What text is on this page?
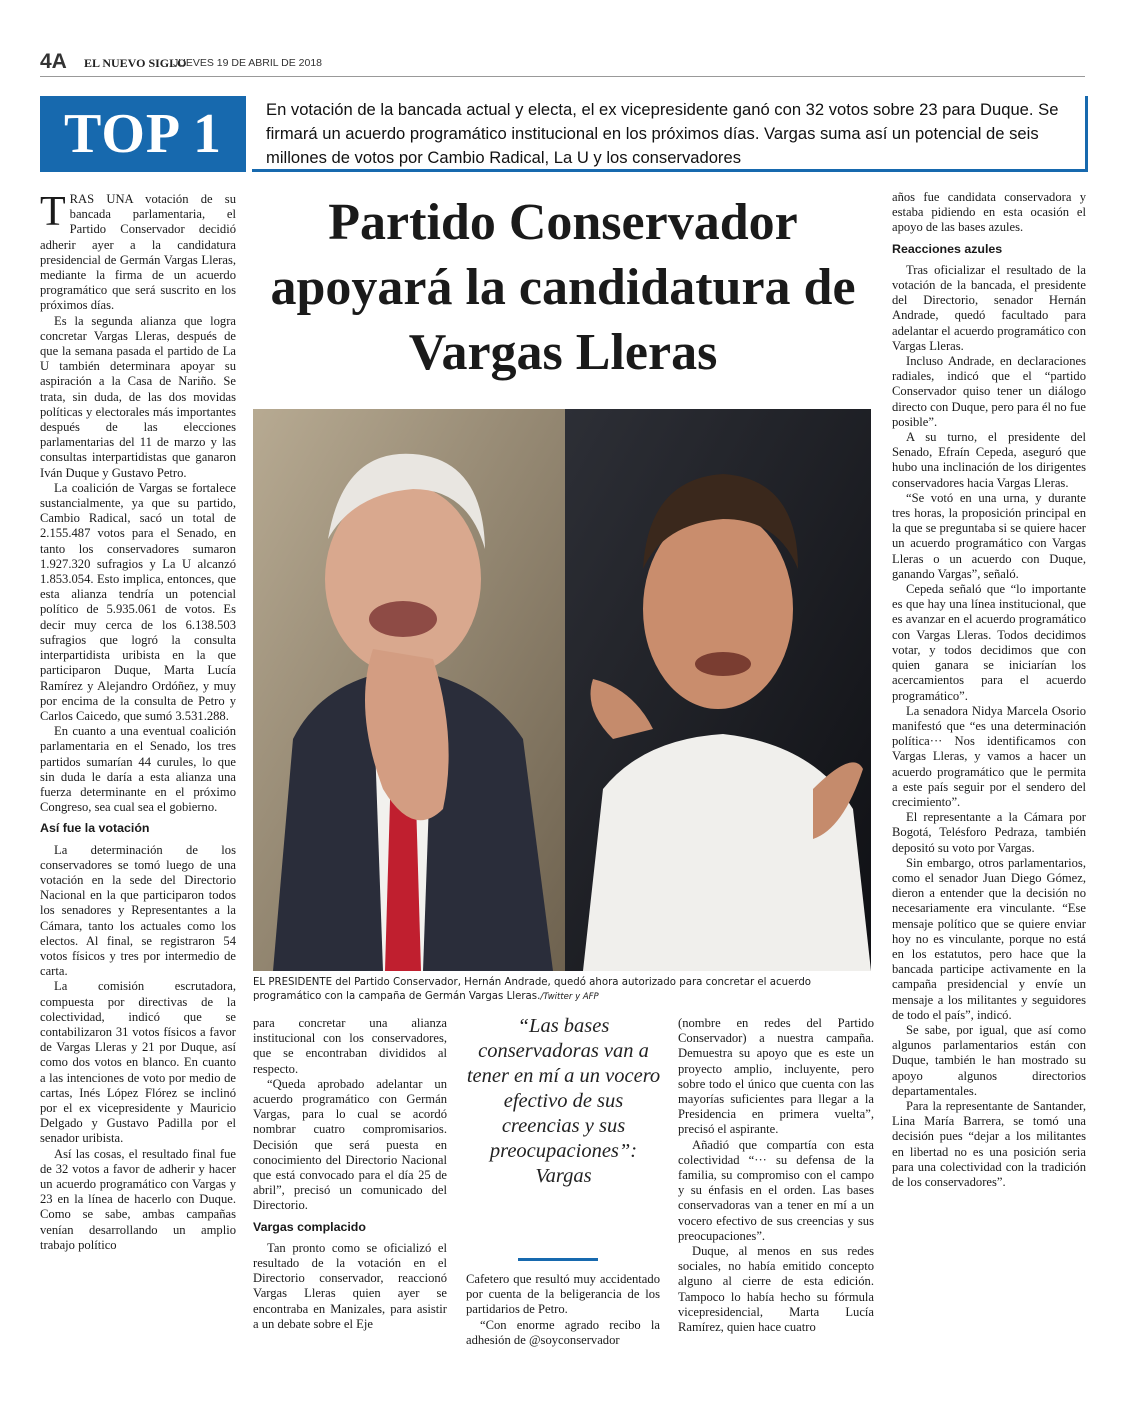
4A EL NUEVO SIGLO
JUEVES 19 DE ABRIL DE 2018
TOP 1	En votación de la bancada actual y electa, el ex vicepresidente ganó con 32 votos sobre 23 para Duque. Se firmará un acuerdo programático institucional en los próximos días. Vargas suma así un potencial de seis millones de votos por Cambio Radical, La U y los conservadores

TRAS UNA votación de su bancada parlamentaria, el Partido Conservador decidió adherir ayer a la candidatura presidencial de Germán Vargas Lleras, mediante la firma de un acuerdo programático que será suscrito en los próximos días.

Es la segunda alianza que logra concretar Vargas Lleras, después de que la semana pasada el partido de La U también determinara apoyar su aspiración a la Casa de Nariño. Se trata, sin duda, de las dos movidas políticas y electorales más importantes después de las elecciones parlamentarias del 11 de marzo y las consultas interpartidistas que ganaron Iván Duque y Gustavo Petro.

La coalición de Vargas se fortalece sustancialmente, ya que su partido, Cambio Radical, sacó un total de 2.155.487 votos para el Senado, en tanto los conservadores sumaron 1.927.320 sufragios y La U alcanzó 1.853.054. Esto implica, entonces, que esta alianza tendría un potencial político de 5.935.061 de votos. Es decir muy cerca de los 6.138.503 sufragios que logró la consulta interpartidista uribista en la que participaron Duque, Marta Lucía Ramírez y Alejandro Ordóñez, y muy por encima de la consulta de Petro y Carlos Caicedo, que sumó 3.531.288.

En cuanto a una eventual coalición parlamentaria en el Senado, los tres partidos sumarían 44 curules, lo que sin duda le daría a esta alianza una fuerza determinante en el próximo Congreso, sea cual sea el gobierno.

Así fue la votación

La determinación de los conservadores se tomó luego de una votación en la sede del Directorio Nacional en la que participaron todos los senadores y Representantes a la Cámara, tanto los actuales como los electos. Al final, se registraron 54 votos físicos y tres por intermedio de carta.

La comisión escrutadora, compuesta por directivas de la colectividad, indicó que se contabilizaron 31 votos físicos a favor de Vargas Lleras y 21 por Duque, así como dos votos en blanco. En cuanto a las intenciones de voto por medio de cartas, Inés López Flórez se inclinó por el ex vicepresidente y Mauricio Delgado y Gustavo Padilla por el senador uribista.

Así las cosas, el resultado final fue de 32 votos a favor de adherir y hacer un acuerdo programático con Vargas y 23 en la línea de hacerlo con Duque. Como se sabe, ambas campañas venían desarrollando un amplio trabajo político

Partido Conservador apoyará la candidatura de Vargas Lleras
EL PRESIDENTE del Partido Conservador, Hernán Andrade, quedó ahora autorizado para concretar el acuerdo programático con la campaña de Germán Vargas Lleras./Twitter y AFP

para concretar una alianza institucional con los conservadores, que se encontraban divididos al respecto.

“Queda aprobado adelantar un acuerdo programático con Germán Vargas, para lo cual se acordó nombrar cuatro compromisarios. Decisión que será puesta en conocimiento del Directorio Nacional que está convocado para el día 25 de abril”, precisó un comunicado del Directorio.

Vargas complacido

Tan pronto como se oficializó el resultado de la votación en el Directorio conservador, reaccionó Vargas Lleras quien ayer se encontraba en Manizales, para asistir a un debate sobre el Eje

“Las bases conservadoras van a tener en mí a un vocero efectivo de sus creencias y sus preocupaciones”: Vargas

Cafetero que resultó muy accidentado por cuenta de la beligerancia de los partidarios de Petro.

“Con enorme agrado recibo la adhesión de @soyconservador

(nombre en redes del Partido Conservador) a nuestra campaña. Demuestra su apoyo que es este un proyecto amplio, incluyente, pero sobre todo el único que cuenta con las mayorías suficientes para llegar a la Presidencia en primera vuelta”, precisó el aspirante.

Añadió que compartía con esta colectividad “··· su defensa de la familia, su compromiso con el campo y su énfasis en el orden. Las bases conservadoras van a tener en mí a un vocero efectivo de sus creencias y sus preocupaciones”.

Duque, al menos en sus redes sociales, no había emitido concepto alguno al cierre de esta edición. Tampoco lo había hecho su fórmula vicepresidencial, Marta Lucía Ramírez, quien hace cuatro

años fue candidata conservadora y estaba pidiendo en esta ocasión el apoyo de las bases azules.

Reacciones azules

Tras oficializar el resultado de la votación de la bancada, el presidente del Directorio, senador Hernán Andrade, quedó facultado para adelantar el acuerdo programático con Vargas Lleras.

Incluso Andrade, en declaraciones radiales, indicó que el “partido Conservador quiso tener un diálogo directo con Duque, pero para él no fue posible”.

A su turno, el presidente del Senado, Efraín Cepeda, aseguró que hubo una inclinación de los dirigentes conservadores hacia Vargas Lleras.

“Se votó en una urna, y durante tres horas, la proposición principal en la que se preguntaba si se quiere hacer un acuerdo programático con Vargas Lleras o un acuerdo con Duque, ganando Vargas”, señaló.

Cepeda señaló que “lo importante es que hay una línea institucional, que es avanzar en el acuerdo programático con Vargas Lleras. Todos decidimos votar, y todos decidimos que con quien ganara se iniciarían los acercamientos para el acuerdo programático”.

La senadora Nidya Marcela Osorio manifestó que “es una determinación política··· Nos identificamos con Vargas Lleras, y vamos a hacer un acuerdo programático que le permita a este país seguir por el sendero del crecimiento”.

El representante a la Cámara por Bogotá, Telésforo Pedraza, también depositó su voto por Vargas.

Sin embargo, otros parlamentarios, como el senador Juan Diego Gómez, dieron a entender que la decisión no necesariamente era vinculante. “Ese mensaje político que se quiere enviar hoy no es vinculante, porque no está en los estatutos, pero hace que la bancada participe activamente en la campaña presidencial y envíe un mensaje a los militantes y seguidores de todo el país”, indicó.

Se sabe, por igual, que así como algunos parlamentarios están con Duque, también le han mostrado su apoyo algunos directorios departamentales.

Para la representante de Santander, Lina María Barrera, se tomó una decisión pues “dejar a los militantes en libertad no es una posición seria para una colectividad con la tradición de los conservadores”.
